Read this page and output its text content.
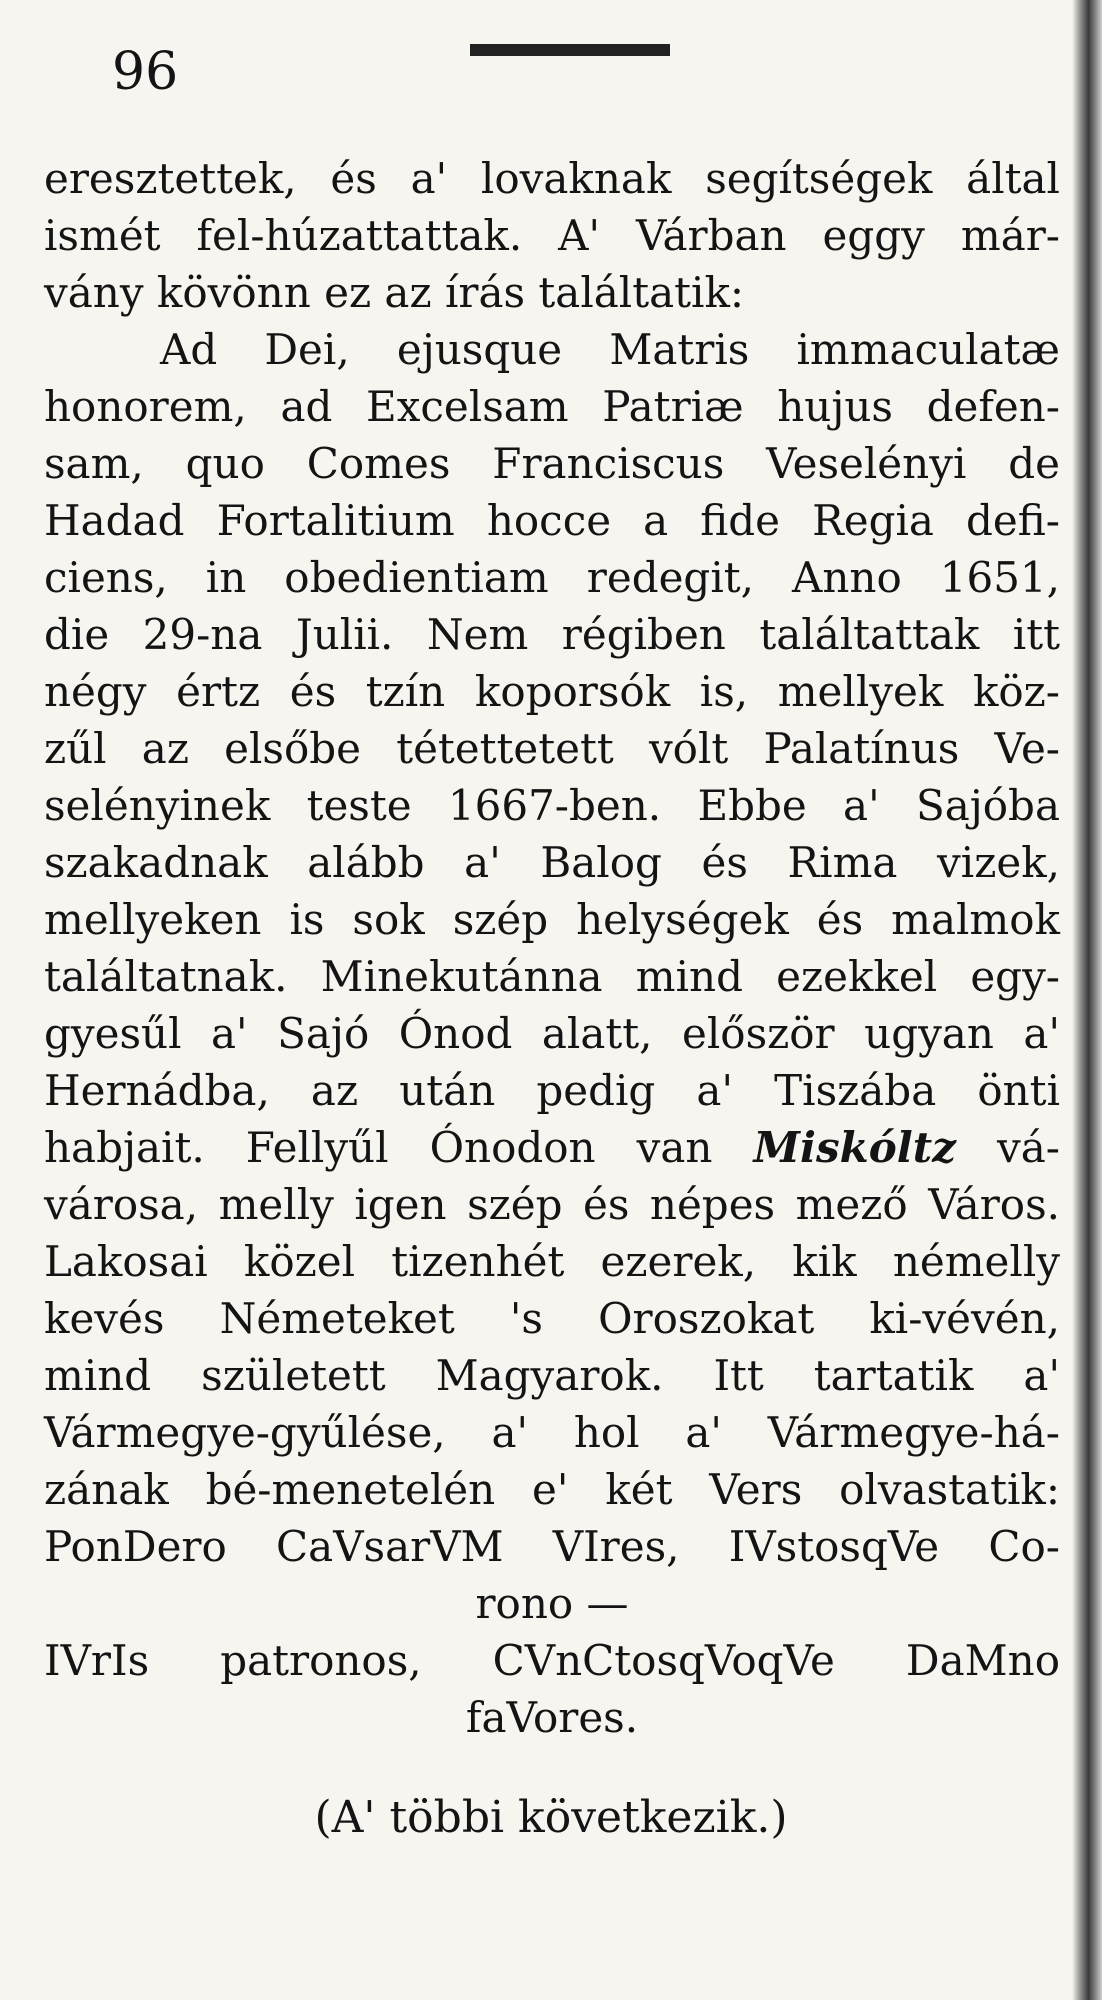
96
eresztettek, és a' lovaknak segítségek által
ismét fel-húzattattak. A' Várban eggy már-
vány kövönn ez az írás találtatik:
Ad Dei, ejusque Matris immaculatæ
honorem, ad Excelsam Patriæ hujus defen-
sam, quo Comes Franciscus Veselényi de
Hadad Fortalitium hocce a fide Regia defi-
ciens, in obedientiam redegit, Anno 1651,
die 29-na Julii. Nem régiben találtattak itt
négy értz és tzín koporsók is, mellyek köz-
zűl az elsőbe tétettetett vólt Palatínus Ve-
selényinek teste 1667-ben. Ebbe a' Sajóba
szakadnak alább a' Balog és Rima vizek,
mellyeken is sok szép helységek és malmok
találtatnak. Minekutánna mind ezekkel egy-
gyesűl a' Sajó Ónod alatt, először ugyan a'
Hernádba, az után pedig a' Tiszába önti
habjait. Fellyűl Ónodon van Miskóltz vá-
városa, melly igen szép és népes mező Város.
Lakosai közel tizenhét ezerek, kik némelly
kevés Németeket 's Oroszokat ki-vévén,
mind született Magyarok. Itt tartatik a'
Vármegye-gyűlése, a' hol a' Vármegye-há-
zának bé-menetelén e' két Vers olvastatik:
PonDero CaVsarVM VIres, IVstosqVe Co-
rono —
IVrIs patronos, CVnCtosqVoqVe DaMno
faVores.
(A' többi következik.)
